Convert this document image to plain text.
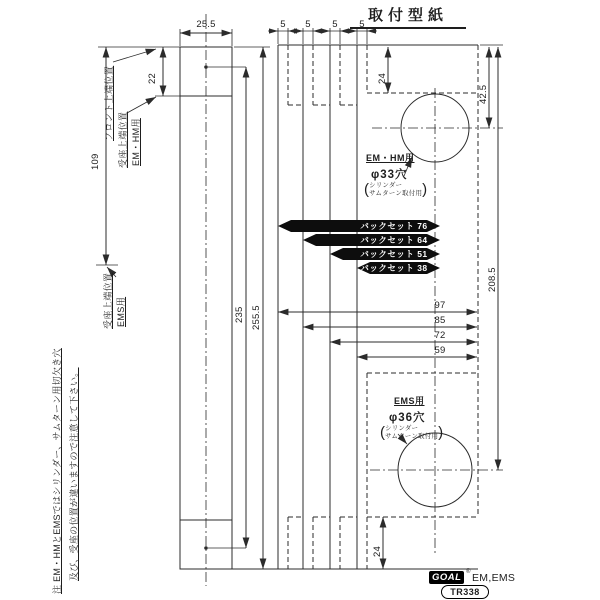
取付型紙
25.5	5	5	5	5
97
85
72
59
22
109
235 255.5
24
42.5
208.5
24
フロント上端位置 受座上端位置 EM・HM用
受座上端位置 EMS用
バックセット 76
バックセット 64
バックセット 51
バックセット 38
EM・HM用
φ33穴
( シリンダー
サムターン取付用 )
EMS用
φ36穴
( シリンダー
サムターン取付用 )
注 EM・HMとEMSではシリンダー、サムターン用切欠き穴 及び、受座の位置が違いますので注意して下さい。	GOAL ® EM,EMS
TR338
